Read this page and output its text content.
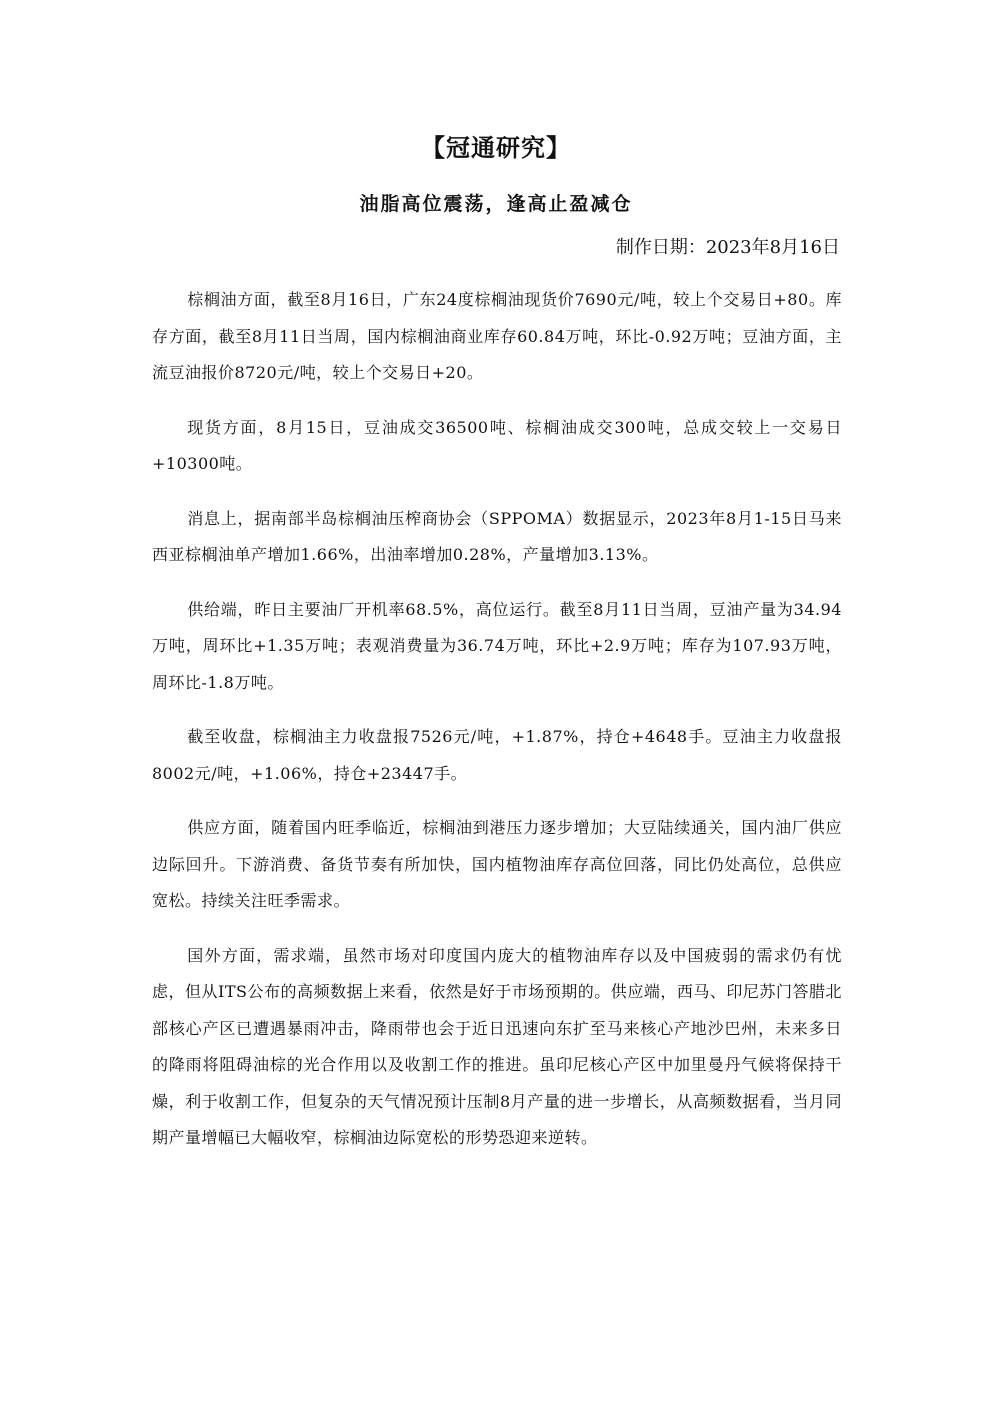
【冠通研究】
油脂高位震荡，逢高止盈减仓
制作日期：2023年8月16日

棕榈油方面，截至8月16日，广东24度棕榈油现货价7690元/吨，较上个交易日+80。库存方面，截至8月11日当周，国内棕榈油商业库存60.84万吨，环比-0.92万吨；豆油方面，主流豆油报价8720元/吨，较上个交易日+20。

现货方面，8月15日，豆油成交36500吨、棕榈油成交300吨，总成交较上一交易日+10300吨。

消息上，据南部半岛棕榈油压榨商协会（SPPOMA）数据显示，2023年8月1-15日马来西亚棕榈油单产增加1.66%，出油率增加0.28%，产量增加3.13%。

供给端，昨日主要油厂开机率68.5%，高位运行。截至8月11日当周，豆油产量为34.94万吨，周环比+1.35万吨；表观消费量为36.74万吨，环比+2.9万吨；库存为107.93万吨，周环比-1.8万吨。

截至收盘，棕榈油主力收盘报7526元/吨，+1.87%，持仓+4648手。豆油主力收盘报8002元/吨，+1.06%，持仓+23447手。

供应方面，随着国内旺季临近，棕榈油到港压力逐步增加；大豆陆续通关，国内油厂供应边际回升。下游消费、备货节奏有所加快，国内植物油库存高位回落，同比仍处高位，总供应宽松。持续关注旺季需求。

国外方面，需求端，虽然市场对印度国内庞大的植物油库存以及中国疲弱的需求仍有忧虑，但从ITS公布的高频数据上来看，依然是好于市场预期的。供应端，西马、印尼苏门答腊北部核心产区已遭遇暴雨冲击，降雨带也会于近日迅速向东扩至马来核心产地沙巴州，未来多日的降雨将阻碍油棕的光合作用以及收割工作的推进。虽印尼核心产区中加里曼丹气候将保持干燥，利于收割工作，但复杂的天气情况预计压制8月产量的进一步增长，从高频数据看，当月同期产量增幅已大幅收窄，棕榈油边际宽松的形势恐迎来逆转。
